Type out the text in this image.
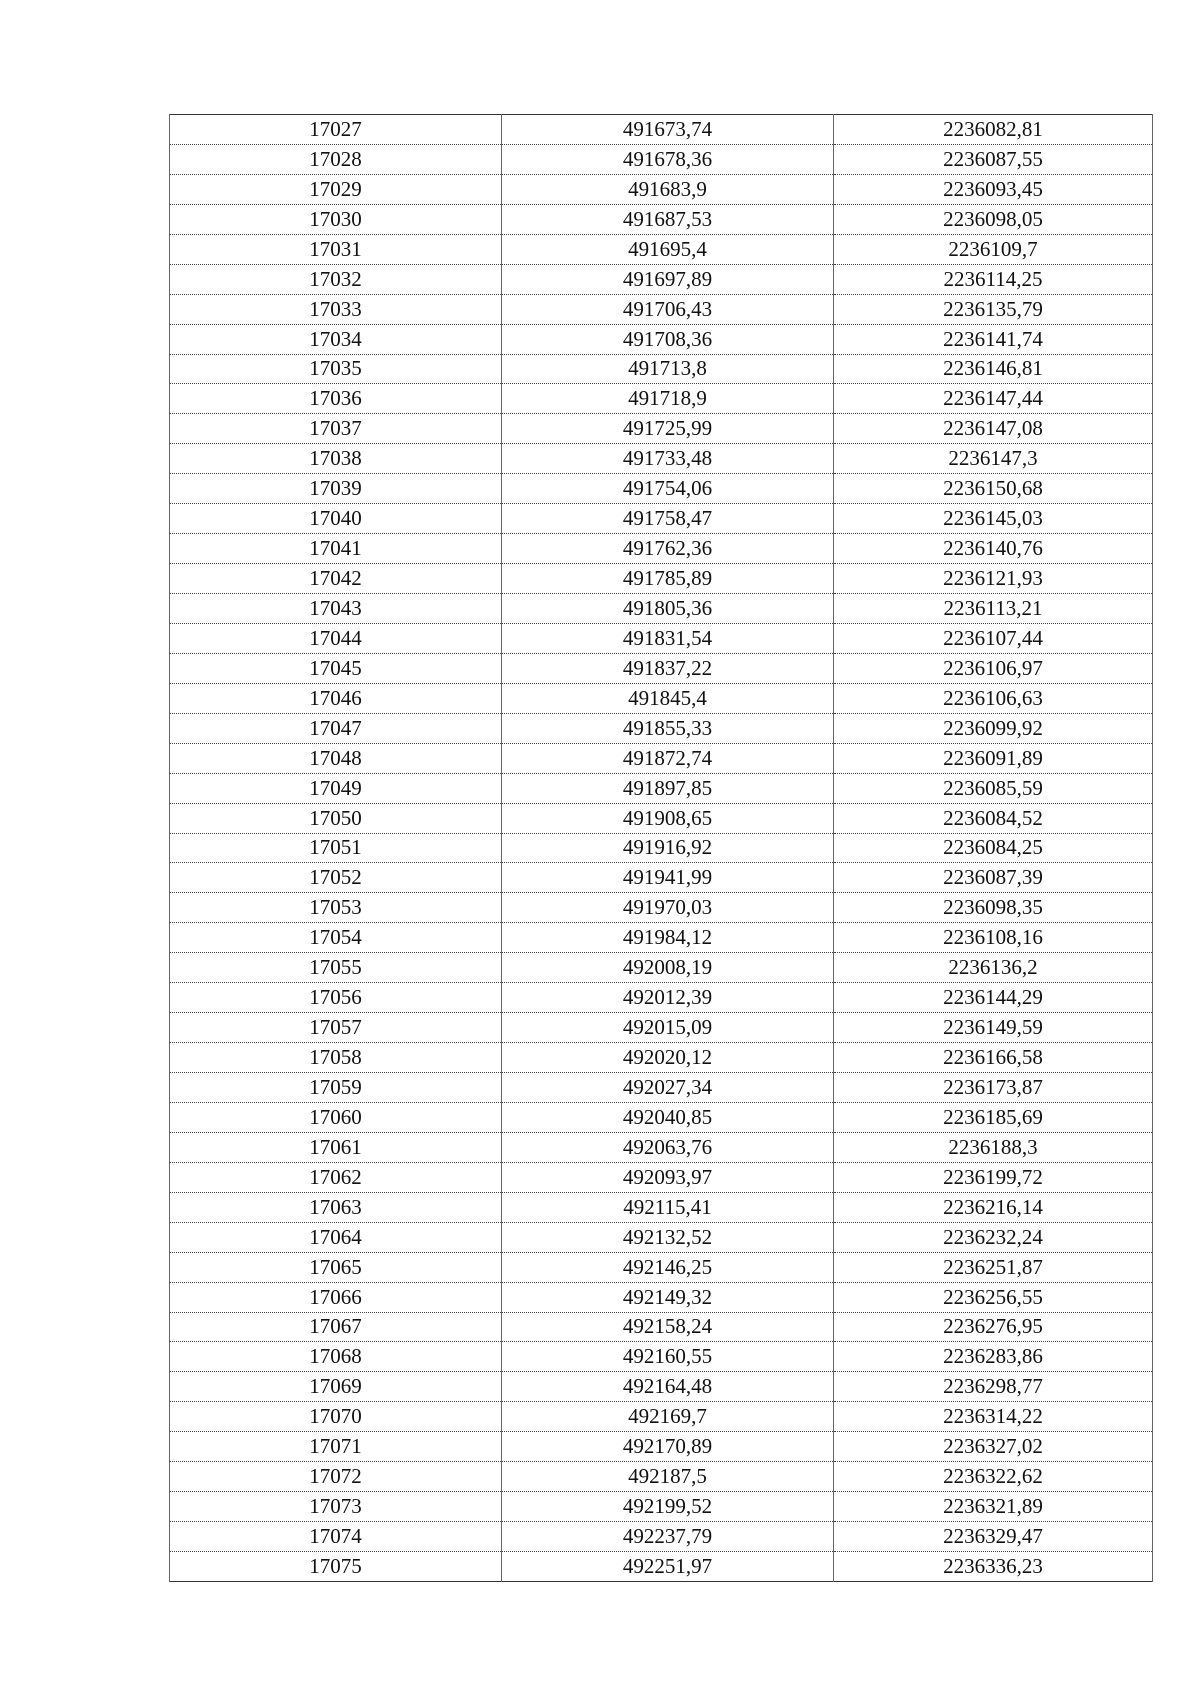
17027	491673,74	2236082,81
17028	491678,36	2236087,55
17029	491683,9	2236093,45
17030	491687,53	2236098,05
17031	491695,4	2236109,7
17032	491697,89	2236114,25
17033	491706,43	2236135,79
17034	491708,36	2236141,74
17035	491713,8	2236146,81
17036	491718,9	2236147,44
17037	491725,99	2236147,08
17038	491733,48	2236147,3
17039	491754,06	2236150,68
17040	491758,47	2236145,03
17041	491762,36	2236140,76
17042	491785,89	2236121,93
17043	491805,36	2236113,21
17044	491831,54	2236107,44
17045	491837,22	2236106,97
17046	491845,4	2236106,63
17047	491855,33	2236099,92
17048	491872,74	2236091,89
17049	491897,85	2236085,59
17050	491908,65	2236084,52
17051	491916,92	2236084,25
17052	491941,99	2236087,39
17053	491970,03	2236098,35
17054	491984,12	2236108,16
17055	492008,19	2236136,2
17056	492012,39	2236144,29
17057	492015,09	2236149,59
17058	492020,12	2236166,58
17059	492027,34	2236173,87
17060	492040,85	2236185,69
17061	492063,76	2236188,3
17062	492093,97	2236199,72
17063	492115,41	2236216,14
17064	492132,52	2236232,24
17065	492146,25	2236251,87
17066	492149,32	2236256,55
17067	492158,24	2236276,95
17068	492160,55	2236283,86
17069	492164,48	2236298,77
17070	492169,7	2236314,22
17071	492170,89	2236327,02
17072	492187,5	2236322,62
17073	492199,52	2236321,89
17074	492237,79	2236329,47
17075	492251,97	2236336,23
